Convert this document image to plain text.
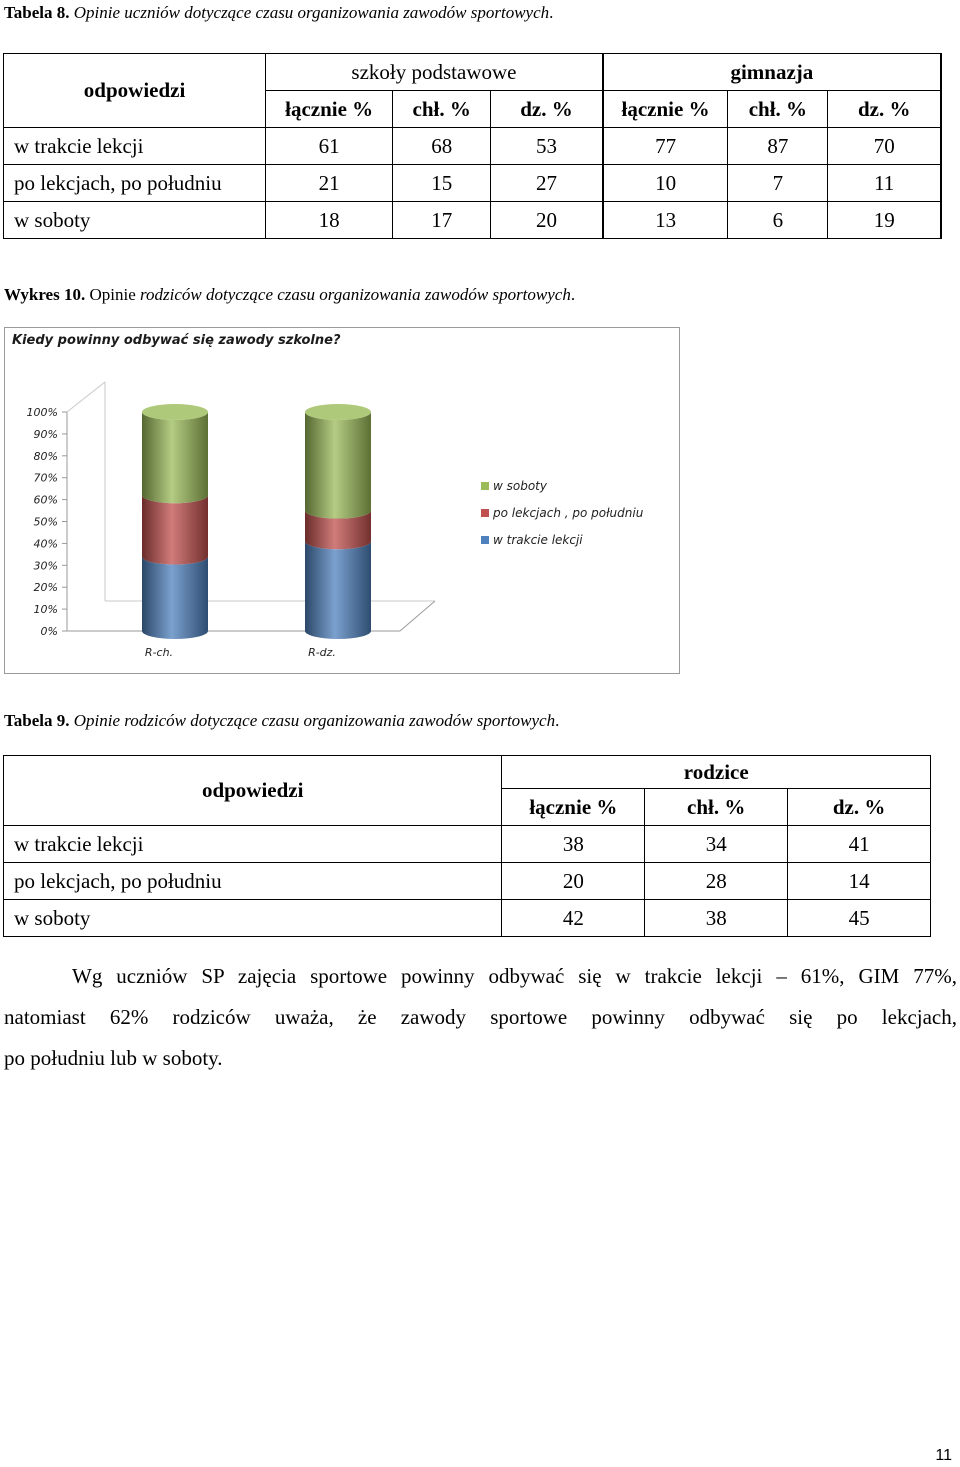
Tabela 8. Opinie uczniów dotyczące czasu organizowania zawodów sportowych.
odpowiedzi	szkoły podstawowe			gimnazja		
	łącznie %	chł. %	dz. %	łącznie %	chł. %	dz. %
w trakcie lekcji	61	68	53	77	87	70
po lekcjach, po południu	21	15	27	10	7	11
w soboty	18	17	20	13	6	19
Wykres 10. Opinie rodziców dotyczące czasu organizowania zawodów sportowych.
Kiedy powinny odbywać się zawody szkolne?
0%
10%
20%
30%
40%
50%
60%
70%
80%
90%
100%
R-ch.	R-dz.
w soboty
po lekcjach , po południu
w trakcie lekcji
Tabela 9. Opinie rodziców dotyczące czasu organizowania zawodów sportowych.
odpowiedzi	rodzice		
	łącznie %	chł. %	dz. %
w trakcie lekcji	38	34	41
po lekcjach, po południu	20	28	14
w soboty	42	38	45
Wg uczniów SP zajęcia sportowe powinny odbywać się w trakcie lekcji – 61%, GIM 77%,
natomiast 62% rodziców uważa, że zawody sportowe powinny odbywać się po lekcjach,
po południu lub w soboty.
11
